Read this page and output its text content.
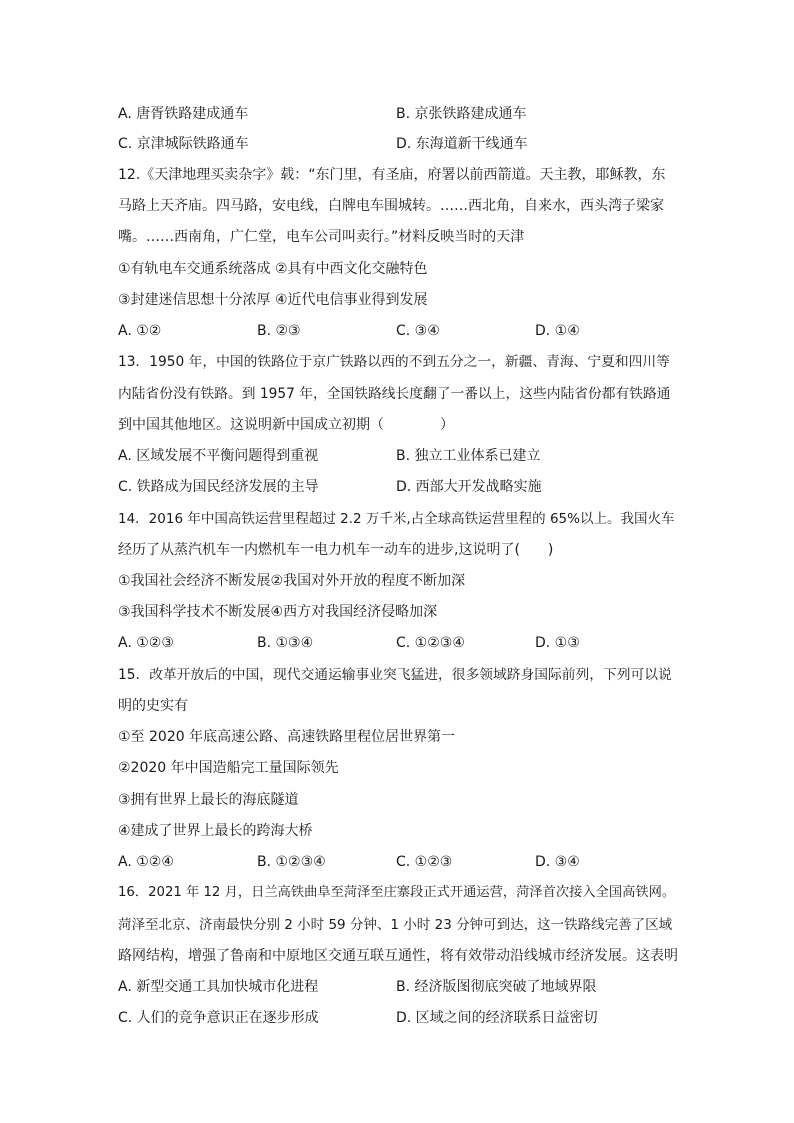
A. 唐胥铁路建成通车	B. 京张铁路建成通车
C. 京津城际铁路通车	D. 东海道新干线通车
12.《天津地理买卖杂字》载：“东门里，有圣庙，府署以前西箭道。天主教，耶稣教，东
马路上天齐庙。四马路，安电线，白牌电车围城转。……西北角，自来水，西头湾子梁家
嘴。……西南角，广仁堂，电车公司叫卖行。”材料反映当时的天津
①有轨电车交通系统落成 ②具有中西文化交融特色
③封建迷信思想十分浓厚 ④近代电信事业得到发展
A. ①②	B. ②③	C. ③④	D. ①④
13．1950 年，中国的铁路位于京广铁路以西的不到五分之一，新疆、青海、宁夏和四川等
内陆省份没有铁路。到 1957 年，全国铁路线长度翻了一番以上，这些内陆省份都有铁路通
到中国其他地区。这说明新中国成立初期（　　　　）
A. 区域发展不平衡问题得到重视	B. 独立工业体系已建立
C. 铁路成为国民经济发展的主导	D. 西部大开发战略实施
14．2016 年中国高铁运营里程超过 2.2 万千米,占全球高铁运营里程的 65%以上。我国火车
经历了从蒸汽机车一内燃机车一电力机车一动车的进步,这说明了(　　)
①我国社会经济不断发展②我国对外开放的程度不断加深
③我国科学技术不断发展④西方对我国经济侵略加深
A. ①②③	B. ①③④	C. ①②③④	D. ①③
15．改革开放后的中国，现代交通运输事业突飞猛进，很多领域跻身国际前列，下列可以说
明的史实有
①至 2020 年底高速公路、高速铁路里程位居世界第一
②2020 年中国造船完工量国际领先
③拥有世界上最长的海底隧道
④建成了世界上最长的跨海大桥
A. ①②④	B. ①②③④	C. ①②③	D. ③④
16．2021 年 12 月，日兰高铁曲阜至菏泽至庄寨段正式开通运营，菏泽首次接入全国高铁网。
菏泽至北京、济南最快分别 2 小时 59 分钟、1 小时 23 分钟可到达，这一铁路线完善了区域
路网结构，增强了鲁南和中原地区交通互联互通性，将有效带动沿线城市经济发展。这表明
A. 新型交通工具加快城市化进程	B. 经济版图彻底突破了地域界限
C. 人们的竞争意识正在逐步形成	D. 区域之间的经济联系日益密切
